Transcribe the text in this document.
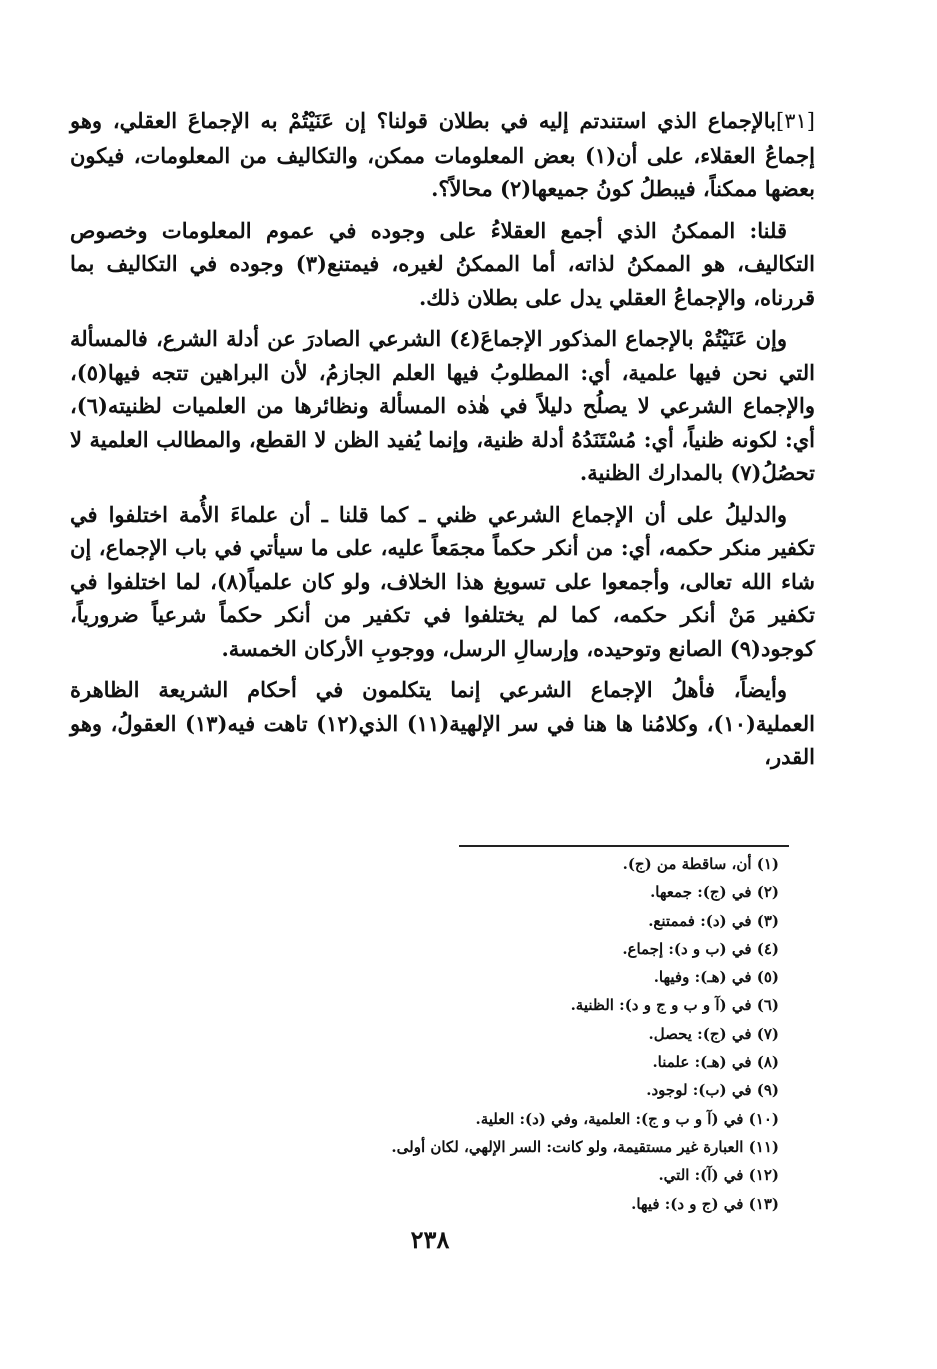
[٣١]بالإجماع الذي استندتم إليه في بطلان قولنا؟ إن عَنَيْتُمْ به الإجماعَ العقلي، وهو إجماعُ العقلاء، على أن(١) بعض المعلومات ممكن، والتكاليف من المعلومات، فيكون بعضها ممكناً، فيبطلُ كونُ جميعها(٢) محالاً؟.

قلنا: الممكنُ الذي أجمع العقلاءُ على وجوده في عموم المعلومات وخصوص التكاليف، هو الممكنُ لذاته، أما الممكنُ لغيره، فيمتنع(٣) وجوده في التكاليف بما قررناه، والإجماعُ العقلي يدل على بطلان ذلك.

وإن عَنَيْتُمْ بالإجماع المذكور الإجماعَ(٤) الشرعي الصادرَ عن أدلة الشرع، فالمسألة التي نحن فيها علمية، أي: المطلوبُ فيها العلم الجازمُ، لأن البراهين تتجه فيها(٥)، والإجماع الشرعي لا يصلُح دليلاً في هٰذه المسألة ونظائرها من العلميات لظنيته(٦)، أي: لكونه ظنياً، أي: مُسْتَنَدُهُ أدلة ظنية، وإنما يُفيد الظن لا القطع، والمطالب العلمية لا تحصُلُ(٧) بالمدارك الظنية.

والدليلُ على أن الإجماع الشرعي ظني ـ كما قلنا ـ أن علماءَ الأُمة اختلفوا في تكفير منكر حكمه، أي: من أنكر حكماً مجمَعاً عليه، على ما سيأتي في باب الإجماع، إن شاء الله تعالى، وأجمعوا على تسويغ هذا الخلاف، ولو كان علمياً(٨)، لما اختلفوا في تكفير مَنْ أنكر حكمه، كما لم يختلفوا في تكفير من أنكر حكماً شرعياً ضرورياً، كوجود(٩) الصانع وتوحيده، وإرسالِ الرسل، ووجوبِ الأركان الخمسة.

وأيضاً، فأهلُ الإجماع الشرعي إنما يتكلمون في أحكام الشريعة الظاهرة العملية(١٠)، وكلامُنا ها هنا في سر الإلهية(١١) الذي(١٢) تاهت فيه(١٣) العقولُ، وهو القدر،

(١) أن، ساقطة من (ج).
(٢) في (ج): جمعها.
(٣) في (د): فممتنع.
(٤) في (ب و د): إجماع.
(٥) في (هـ): وفيها.
(٦) في (آ و ب و ج و د): الظنية.
(٧) في (ج): يحصل.
(٨) في (هـ): علمنا.
(٩) في (ب): لوجود.
(١٠) في (آ و ب و ج): العلمية، وفي (د): العلية.
(١١) العبارة غير مستقيمة، ولو كانت: السر الإلهي، لكان أولى.
(١٢) في (آ): التي.
(١٣) في (ج و د): فيها.
٢٣٨
